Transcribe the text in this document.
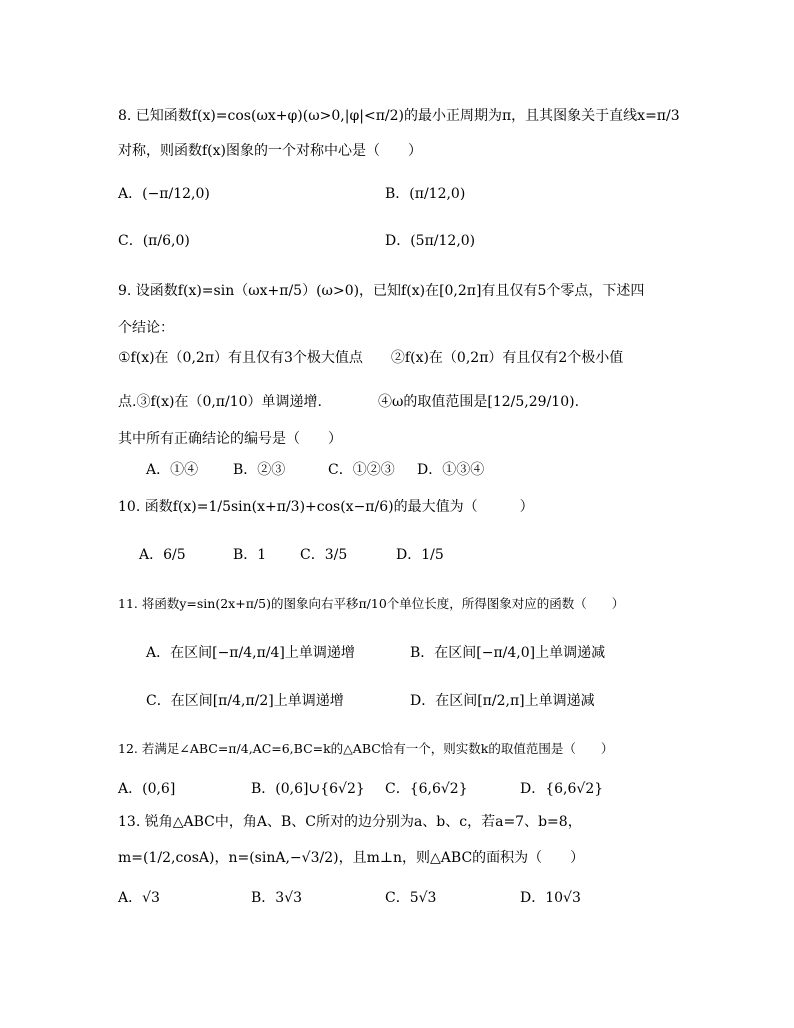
8. 已知函数f(x)=cos(ωx+φ)(ω>0,|φ|<π/2)的最小正周期为π，且其图象关于直线x=π/3
对称，则函数f(x)图象的一个对称中心是（　　）
A．(−π/12,0)	B．(π/12,0)
C．(π/6,0)	D．(5π/12,0)
9. 设函数f(x)=sin（ωx+π/5）(ω>0)，已知f(x)在[0,2π]有且仅有5个零点，下述四
个结论：
①f(x)在（0,2π）有且仅有3个极大值点　　②f(x)在（0,2π）有且仅有2个极小值
点.③f(x)在（0,π/10）单调递增.　　　　④ω的取值范围是[12/5,29/10).
其中所有正确结论的编号是（　　）
A．①④ B．②③	C．①②③ D．①③④
10. 函数f(x)=1/5sin(x+π/3)+cos(x−π/6)的最大值为（　　　）
A．6/5	B．1 C．3/5	D．1/5
11. 将函数y=sin(2x+π/5)的图象向右平移π/10个单位长度，所得图象对应的函数（　　）
A．在区间[−π/4,π/4]上单调递增	B．在区间[−π/4,0]上单调递减
C．在区间[π/4,π/2]上单调递增	D．在区间[π/2,π]上单调递减
12. 若满足∠ABC=π/4,AC=6,BC=k的△ABC恰有一个，则实数k的取值范围是（　　）
A．(0,6]	B．(0,6]∪{6√2} C．{6,6√2}	D．{6,6√2}
13. 锐角△ABC中，角A、B、C所对的边分别为a、b、c，若a=7、b=8，
m=(1/2,cosA)，n=(sinA,−√3/2)，且m⊥n，则△ABC的面积为（　　）
A．√3	B．3√3	C．5√3	D．10√3
